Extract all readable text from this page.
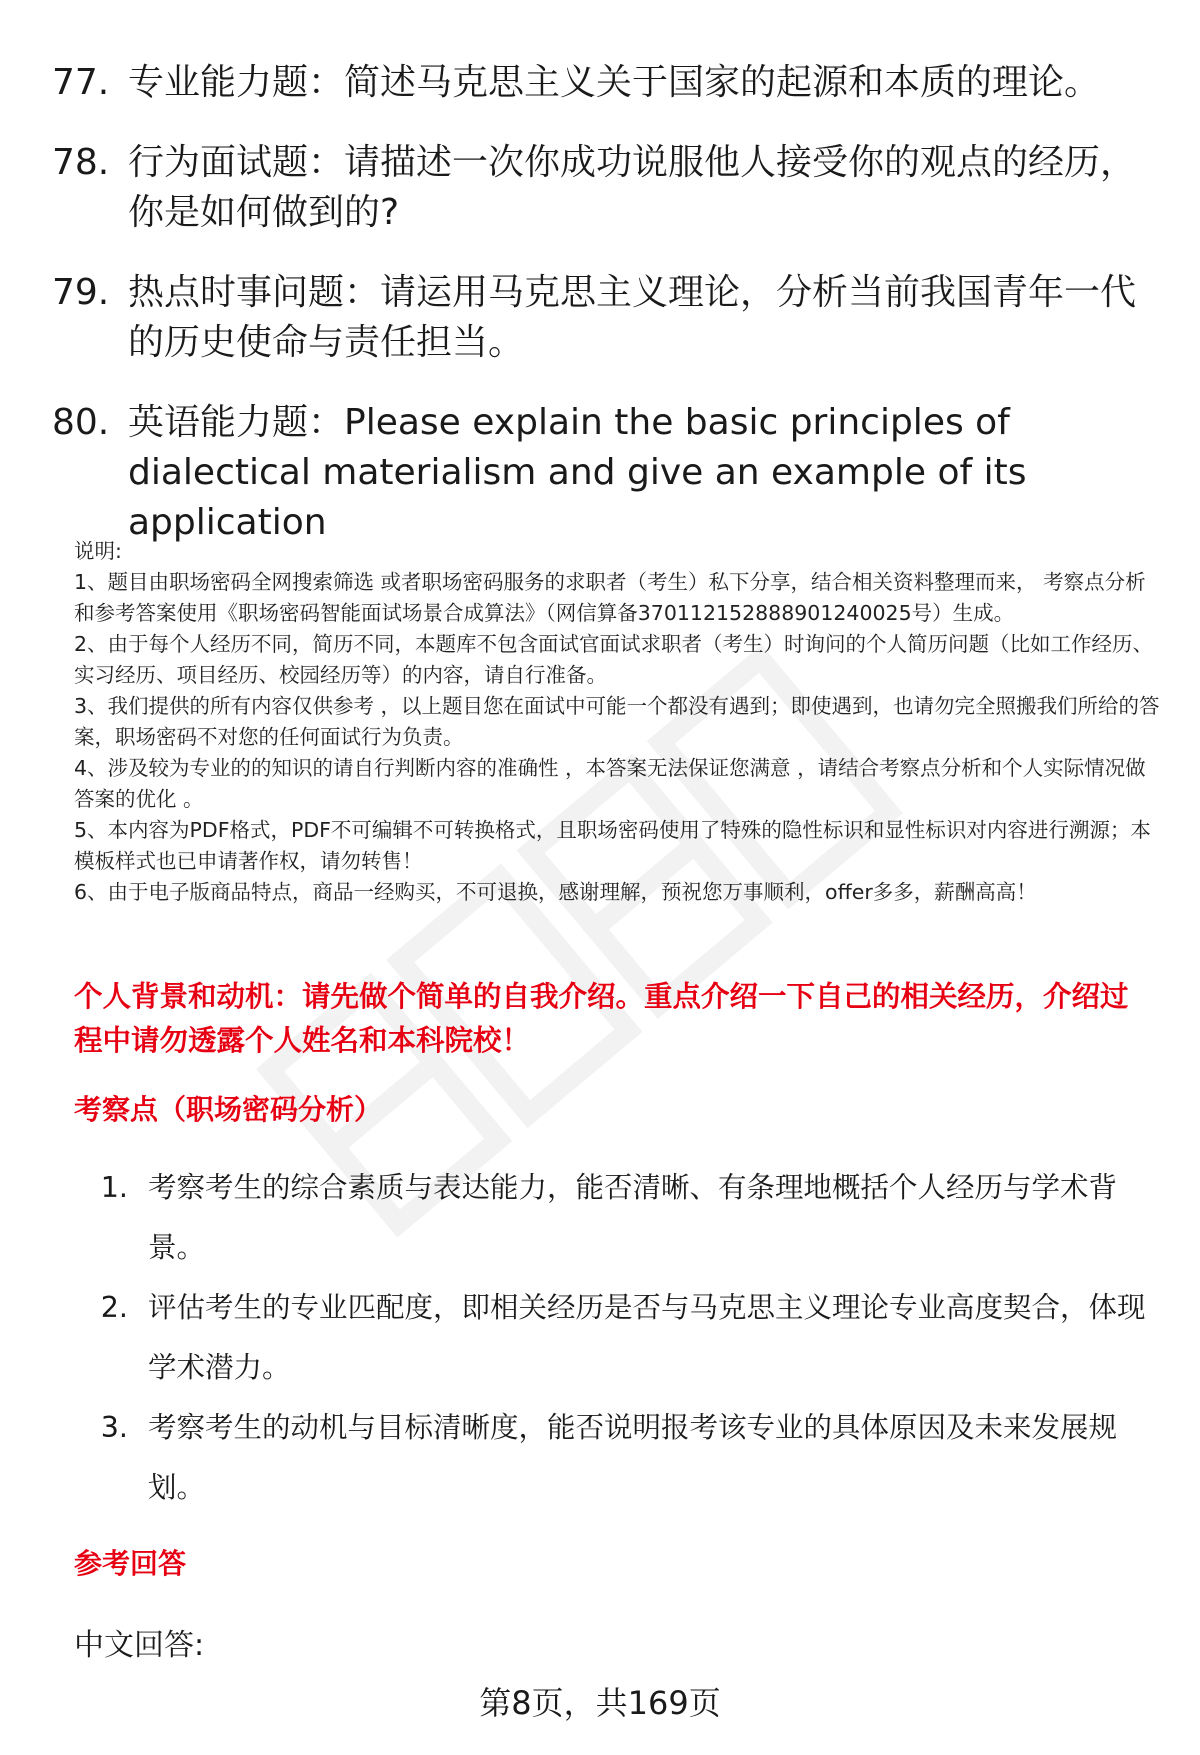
77. 专业能力题：简述马克思主义关于国家的起源和本质的理论。
78. 行为面试题：请描述一次你成功说服他人接受你的观点的经历，你是如何做到的?
79. 热点时事问题：请运用马克思主义理论，分析当前我国青年一代的历史使命与责任担当。
80. 英语能力题：Please explain the basic principles of dialectical materialism and give an example of its application

说明:

1、题目由职场密码全网搜索筛选 或者职场密码服务的求职者（考生）私下分享，结合相关资料整理而来， 考察点分析和参考答案使用《职场密码智能面试场景合成算法》（网信算备370112152888901240025号）生成。

2、由于每个人经历不同，简历不同，本题库不包含面试官面试求职者（考生）时询问的个人简历问题（比如工作经历、实习经历、项目经历、校园经历等）的内容，请自行准备。

3、我们提供的所有内容仅供参考 ，以上题目您在面试中可能一个都没有遇到；即使遇到，也请勿完全照搬我们所给的答案，职场密码不对您的任何面试行为负责。

4、涉及较为专业的的知识的请自行判断内容的准确性 ，本答案无法保证您满意 ，请结合考察点分析和个人实际情况做答案的优化 。

5、本内容为PDF格式，PDF不可编辑不可转换格式，且职场密码使用了特殊的隐性标识和显性标识对内容进行溯源；本模板样式也已申请著作权，请勿转售！

6、由于电子版商品特点，商品一经购买，不可退换，感谢理解，预祝您万事顺利，offer多多，薪酬高高！

个人背景和动机：请先做个简单的自我介绍。重点介绍一下自己的相关经历，介绍过程中请勿透露个人姓名和本科院校！
考察点（职场密码分析）
1. 考察考生的综合素质与表达能力，能否清晰、有条理地概括个人经历与学术背景。
2. 评估考生的专业匹配度，即相关经历是否与马克思主义理论专业高度契合，体现学术潜力。
3. 考察考生的动机与目标清晰度，能否说明报考该专业的具体原因及未来发展规划。
参考回答
中文回答:
第8页，共169页
